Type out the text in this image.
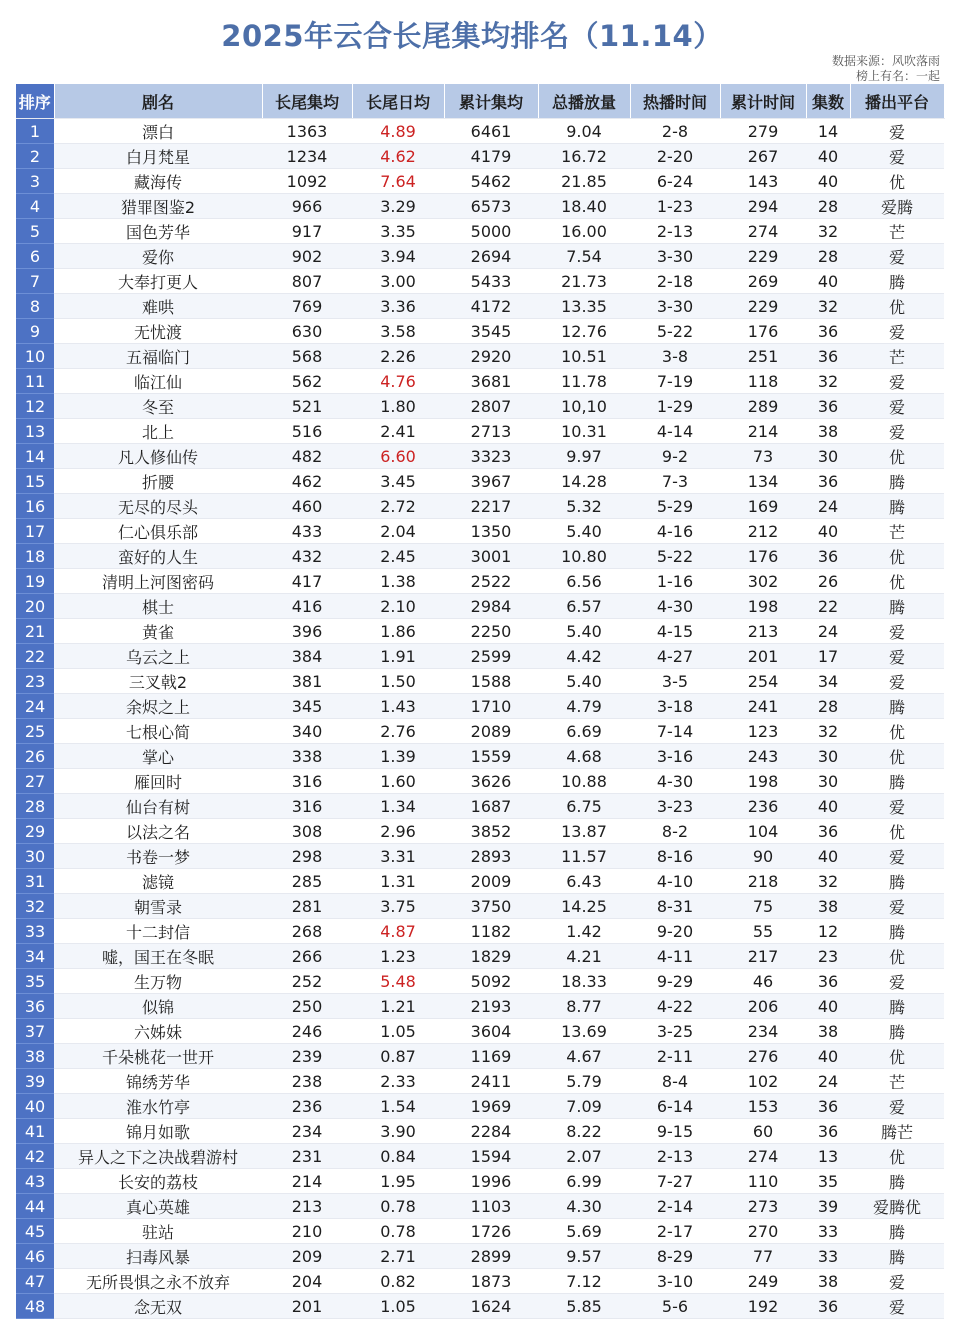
2025年云合长尾集均排名（11.14）
数据来源：风吹落雨
榜上有名：一起
排序	剧名	长尾集均	长尾日均	累计集均	总播放量	热播时间	累计时间	集数	播出平台
1	漂白	1363	4.89	6461	9.04	2-8	279	14	爱
2	白月梵星	1234	4.62	4179	16.72	2-20	267	40	爱
3	藏海传	1092	7.64	5462	21.85	6-24	143	40	优
4	猎罪图鉴2	966	3.29	6573	18.40	1-23	294	28	爱腾
5	国色芳华	917	3.35	5000	16.00	2-13	274	32	芒
6	爱你	902	3.94	2694	7.54	3-30	229	28	爱
7	大奉打更人	807	3.00	5433	21.73	2-18	269	40	腾
8	难哄	769	3.36	4172	13.35	3-30	229	32	优
9	无忧渡	630	3.58	3545	12.76	5-22	176	36	爱
10	五福临门	568	2.26	2920	10.51	3-8	251	36	芒
11	临江仙	562	4.76	3681	11.78	7-19	118	32	爱
12	冬至	521	1.80	2807	10,10	1-29	289	36	爱
13	北上	516	2.41	2713	10.31	4-14	214	38	爱
14	凡人修仙传	482	6.60	3323	9.97	9-2	73	30	优
15	折腰	462	3.45	3967	14.28	7-3	134	36	腾
16	无尽的尽头	460	2.72	2217	5.32	5-29	169	24	腾
17	仁心俱乐部	433	2.04	1350	5.40	4-16	212	40	芒
18	蛮好的人生	432	2.45	3001	10.80	5-22	176	36	优
19	清明上河图密码	417	1.38	2522	6.56	1-16	302	26	优
20	棋士	416	2.10	2984	6.57	4-30	198	22	腾
21	黄雀	396	1.86	2250	5.40	4-15	213	24	爱
22	乌云之上	384	1.91	2599	4.42	4-27	201	17	爱
23	三叉戟2	381	1.50	1588	5.40	3-5	254	34	爱
24	余烬之上	345	1.43	1710	4.79	3-18	241	28	腾
25	七根心简	340	2.76	2089	6.69	7-14	123	32	优
26	掌心	338	1.39	1559	4.68	3-16	243	30	优
27	雁回时	316	1.60	3626	10.88	4-30	198	30	腾
28	仙台有树	316	1.34	1687	6.75	3-23	236	40	爱
29	以法之名	308	2.96	3852	13.87	8-2	104	36	优
30	书卷一梦	298	3.31	2893	11.57	8-16	90	40	爱
31	滤镜	285	1.31	2009	6.43	4-10	218	32	腾
32	朝雪录	281	3.75	3750	14.25	8-31	75	38	爱
33	十二封信	268	4.87	1182	1.42	9-20	55	12	腾
34	嘘，国王在冬眠	266	1.23	1829	4.21	4-11	217	23	优
35	生万物	252	5.48	5092	18.33	9-29	46	36	爱
36	似锦	250	1.21	2193	8.77	4-22	206	40	腾
37	六姊妹	246	1.05	3604	13.69	3-25	234	38	腾
38	千朵桃花一世开	239	0.87	1169	4.67	2-11	276	40	优
39	锦绣芳华	238	2.33	2411	5.79	8-4	102	24	芒
40	淮水竹亭	236	1.54	1969	7.09	6-14	153	36	爱
41	锦月如歌	234	3.90	2284	8.22	9-15	60	36	腾芒
42	异人之下之决战碧游村	231	0.84	1594	2.07	2-13	274	13	优
43	长安的荔枝	214	1.95	1996	6.99	7-27	110	35	腾
44	真心英雄	213	0.78	1103	4.30	2-14	273	39	爱腾优
45	驻站	210	0.78	1726	5.69	2-17	270	33	腾
46	扫毒风暴	209	2.71	2899	9.57	8-29	77	33	腾
47	无所畏惧之永不放弃	204	0.82	1873	7.12	3-10	249	38	爱
48	念无双	201	1.05	1624	5.85	5-6	192	36	爱
